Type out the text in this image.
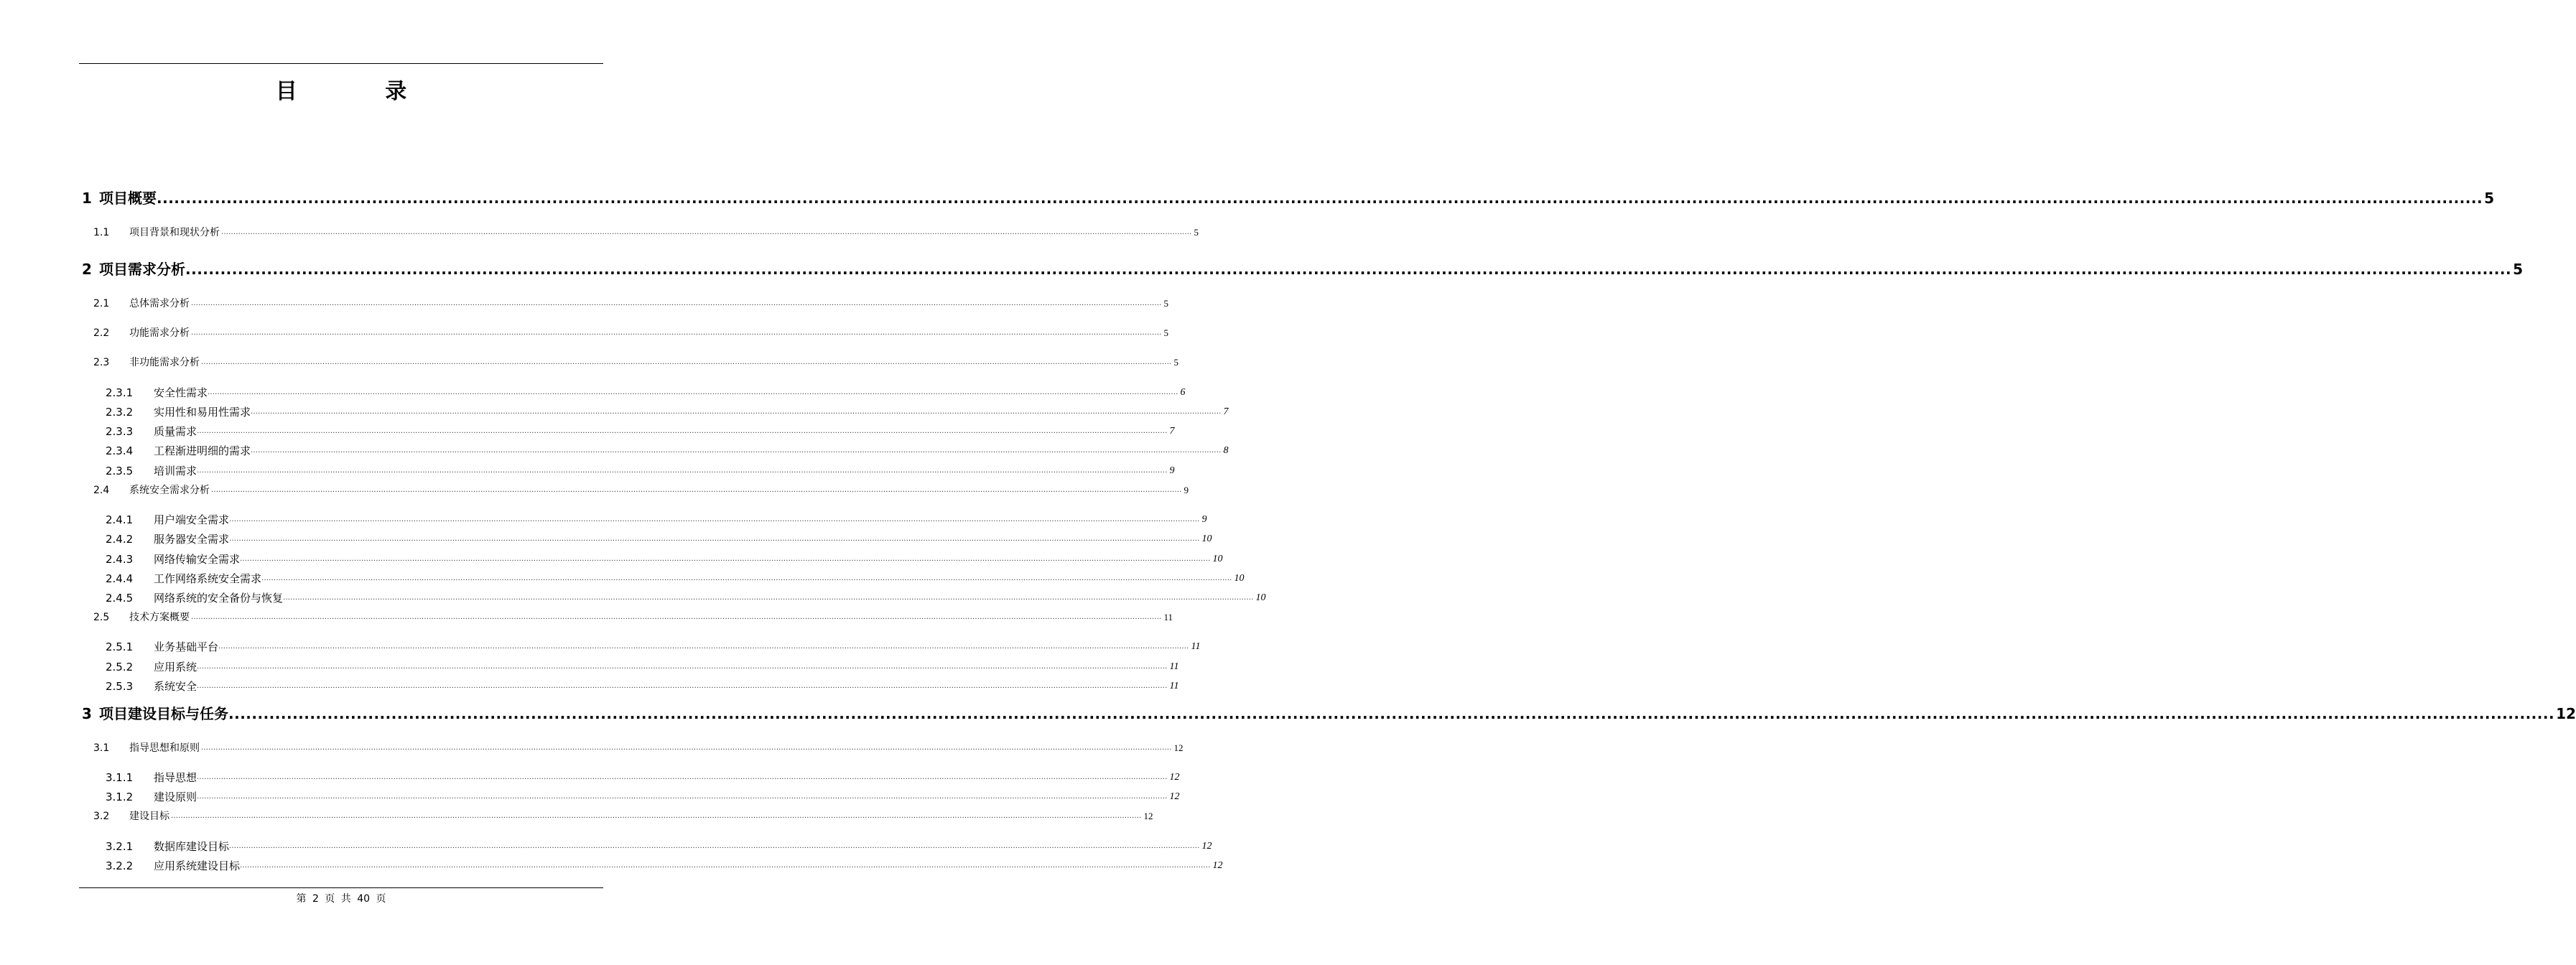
目 录
1 项目概要 ................................................................................................................................................................................................................................................................................................................................................................................................................ 5
1.1	项目背景和现状分析 ................................................................................................................................................................................................................................................................................................................................................................................................................ 5
2 项目需求分析 ................................................................................................................................................................................................................................................................................................................................................................................................................ 5
2.1	总体需求分析 ................................................................................................................................................................................................................................................................................................................................................................................................................ 5
2.2	功能需求分析 ................................................................................................................................................................................................................................................................................................................................................................................................................ 5
2.3	非功能需求分析 ................................................................................................................................................................................................................................................................................................................................................................................................................ 5
2.3.1	安全性需求 ................................................................................................................................................................................................................................................................................................................................................................................................................ 6
2.3.2	实用性和易用性需求 ................................................................................................................................................................................................................................................................................................................................................................................................................ 7
2.3.3	质量需求 ................................................................................................................................................................................................................................................................................................................................................................................................................ 7
2.3.4	工程渐进明细的需求 ................................................................................................................................................................................................................................................................................................................................................................................................................ 8
2.3.5	培训需求 ................................................................................................................................................................................................................................................................................................................................................................................................................ 9
2.4	系统安全需求分析 ................................................................................................................................................................................................................................................................................................................................................................................................................ 9
2.4.1	用户端安全需求 ................................................................................................................................................................................................................................................................................................................................................................................................................ 9
2.4.2	服务器安全需求 ................................................................................................................................................................................................................................................................................................................................................................................................................ 10
2.4.3	网络传输安全需求 ................................................................................................................................................................................................................................................................................................................................................................................................................ 10
2.4.4	工作网络系统安全需求 ................................................................................................................................................................................................................................................................................................................................................................................................................ 10
2.4.5	网络系统的安全备份与恢复 ................................................................................................................................................................................................................................................................................................................................................................................................................ 10
2.5	技术方案概要 ................................................................................................................................................................................................................................................................................................................................................................................................................ 11
2.5.1	业务基础平台 ................................................................................................................................................................................................................................................................................................................................................................................................................ 11
2.5.2	应用系统 ................................................................................................................................................................................................................................................................................................................................................................................................................ 11
2.5.3	系统安全 ................................................................................................................................................................................................................................................................................................................................................................................................................ 11
3 项目建设目标与任务 ................................................................................................................................................................................................................................................................................................................................................................................................................ 12
3.1	指导思想和原则 ................................................................................................................................................................................................................................................................................................................................................................................................................ 12
3.1.1	指导思想 ................................................................................................................................................................................................................................................................................................................................................................................................................ 12
3.1.2	建设原则 ................................................................................................................................................................................................................................................................................................................................................................................................................ 12
3.2	建设目标 ................................................................................................................................................................................................................................................................................................................................................................................................................ 12
3.2.1	数据库建设目标 ................................................................................................................................................................................................................................................................................................................................................................................................................ 12
3.2.2	应用系统建设目标 ................................................................................................................................................................................................................................................................................................................................................................................................................ 12
第 2 页 共 40 页
